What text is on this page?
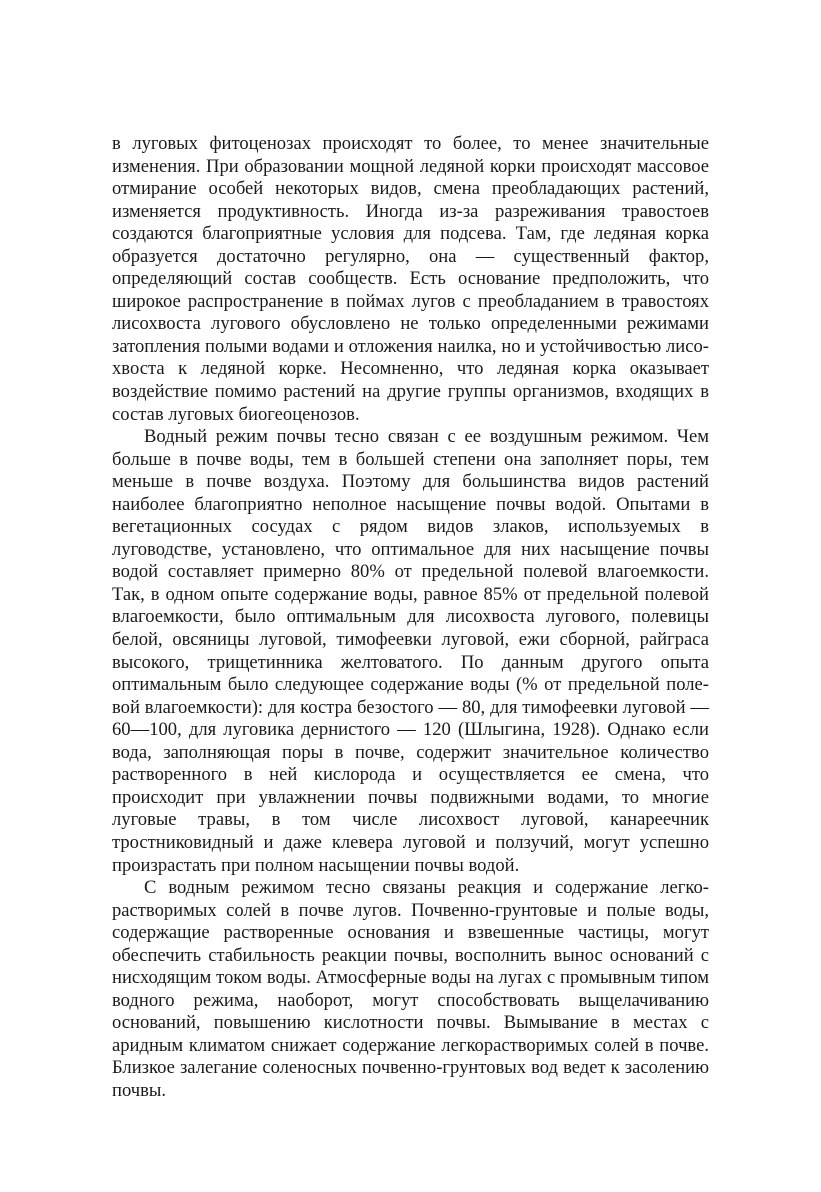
в луговых фитоценозах происходят то более, то менее значительные изменения. При образовании мощной ледяной корки происходят массовое отмирание особей некоторых видов, смена преобладающих растений, изменяется продуктивность. Иногда из-за разреживания травостоев создаются благоприятные условия для подсева. Там, где ледяная корка образуется достаточно регулярно, она — существенный фактор, определяющий состав сообществ. Есть основание предположить, что широкое распространение в поймах лугов с преобладанием в травостоях лисохвоста лугового обусловлено не только определенными режимами затопления полыми водами и отложения наилка, но и устойчивостью лисохвоста к ледяной корке. Несомненно, что ледяная корка оказывает воздействие помимо растений на другие группы организмов, входящих в состав луговых биогеоценозов.

Водный режим почвы тесно связан с ее воздушным режимом. Чем больше в почве воды, тем в большей степени она заполняет поры, тем меньше в почве воздуха. Поэтому для большинства видов растений наиболее благоприятно неполное насыщение почвы водой. Опытами в вегетационных сосудах с рядом видов злаков, используемых в луговодстве, установлено, что оптимальное для них насыщение почвы водой составляет примерно 80% от предельной полевой влагоемкости. Так, в одном опыте содержание воды, равное 85% от предельной полевой влагоемкости, было оптимальным для лисохвоста лугового, полевицы белой, овсяницы луговой, тимофеевки луговой, ежи сборной, райграса высокого, трищетинника желтоватого. По данным другого опыта оптимальным было следующее содержание воды (% от предельной полевой влагоемкости): для костра безостого — 80, для тимофеевки луговой — 60—100, для луговика дернистого — 120 (Шлыгина, 1928). Однако если вода, заполняющая поры в почве, содержит значительное количество растворенного в ней кислорода и осуществляется ее смена, что происходит при увлажнении почвы подвижными водами, то многие луговые травы, в том числе лисохвост луговой, канареечник тростниковидный и даже клевера луговой и ползучий, могут успешно произрастать при полном насыщении почвы водой.

С водным режимом тесно связаны реакция и содержание легкорастворимых солей в почве лугов. Почвенно-грунтовые и полые воды, содержащие растворенные основания и взвешенные частицы, могут обеспечить стабильность реакции почвы, восполнить вынос оснований с нисходящим током воды. Атмосферные воды на лугах с промывным типом водного режима, наоборот, могут способствовать выщелачиванию оснований, повышению кислотности почвы. Вымывание в местах с аридным климатом снижает содержание легкорастворимых солей в почве. Близкое залегание соленосных почвенно-грунтовых вод ведет к засолению почвы.
